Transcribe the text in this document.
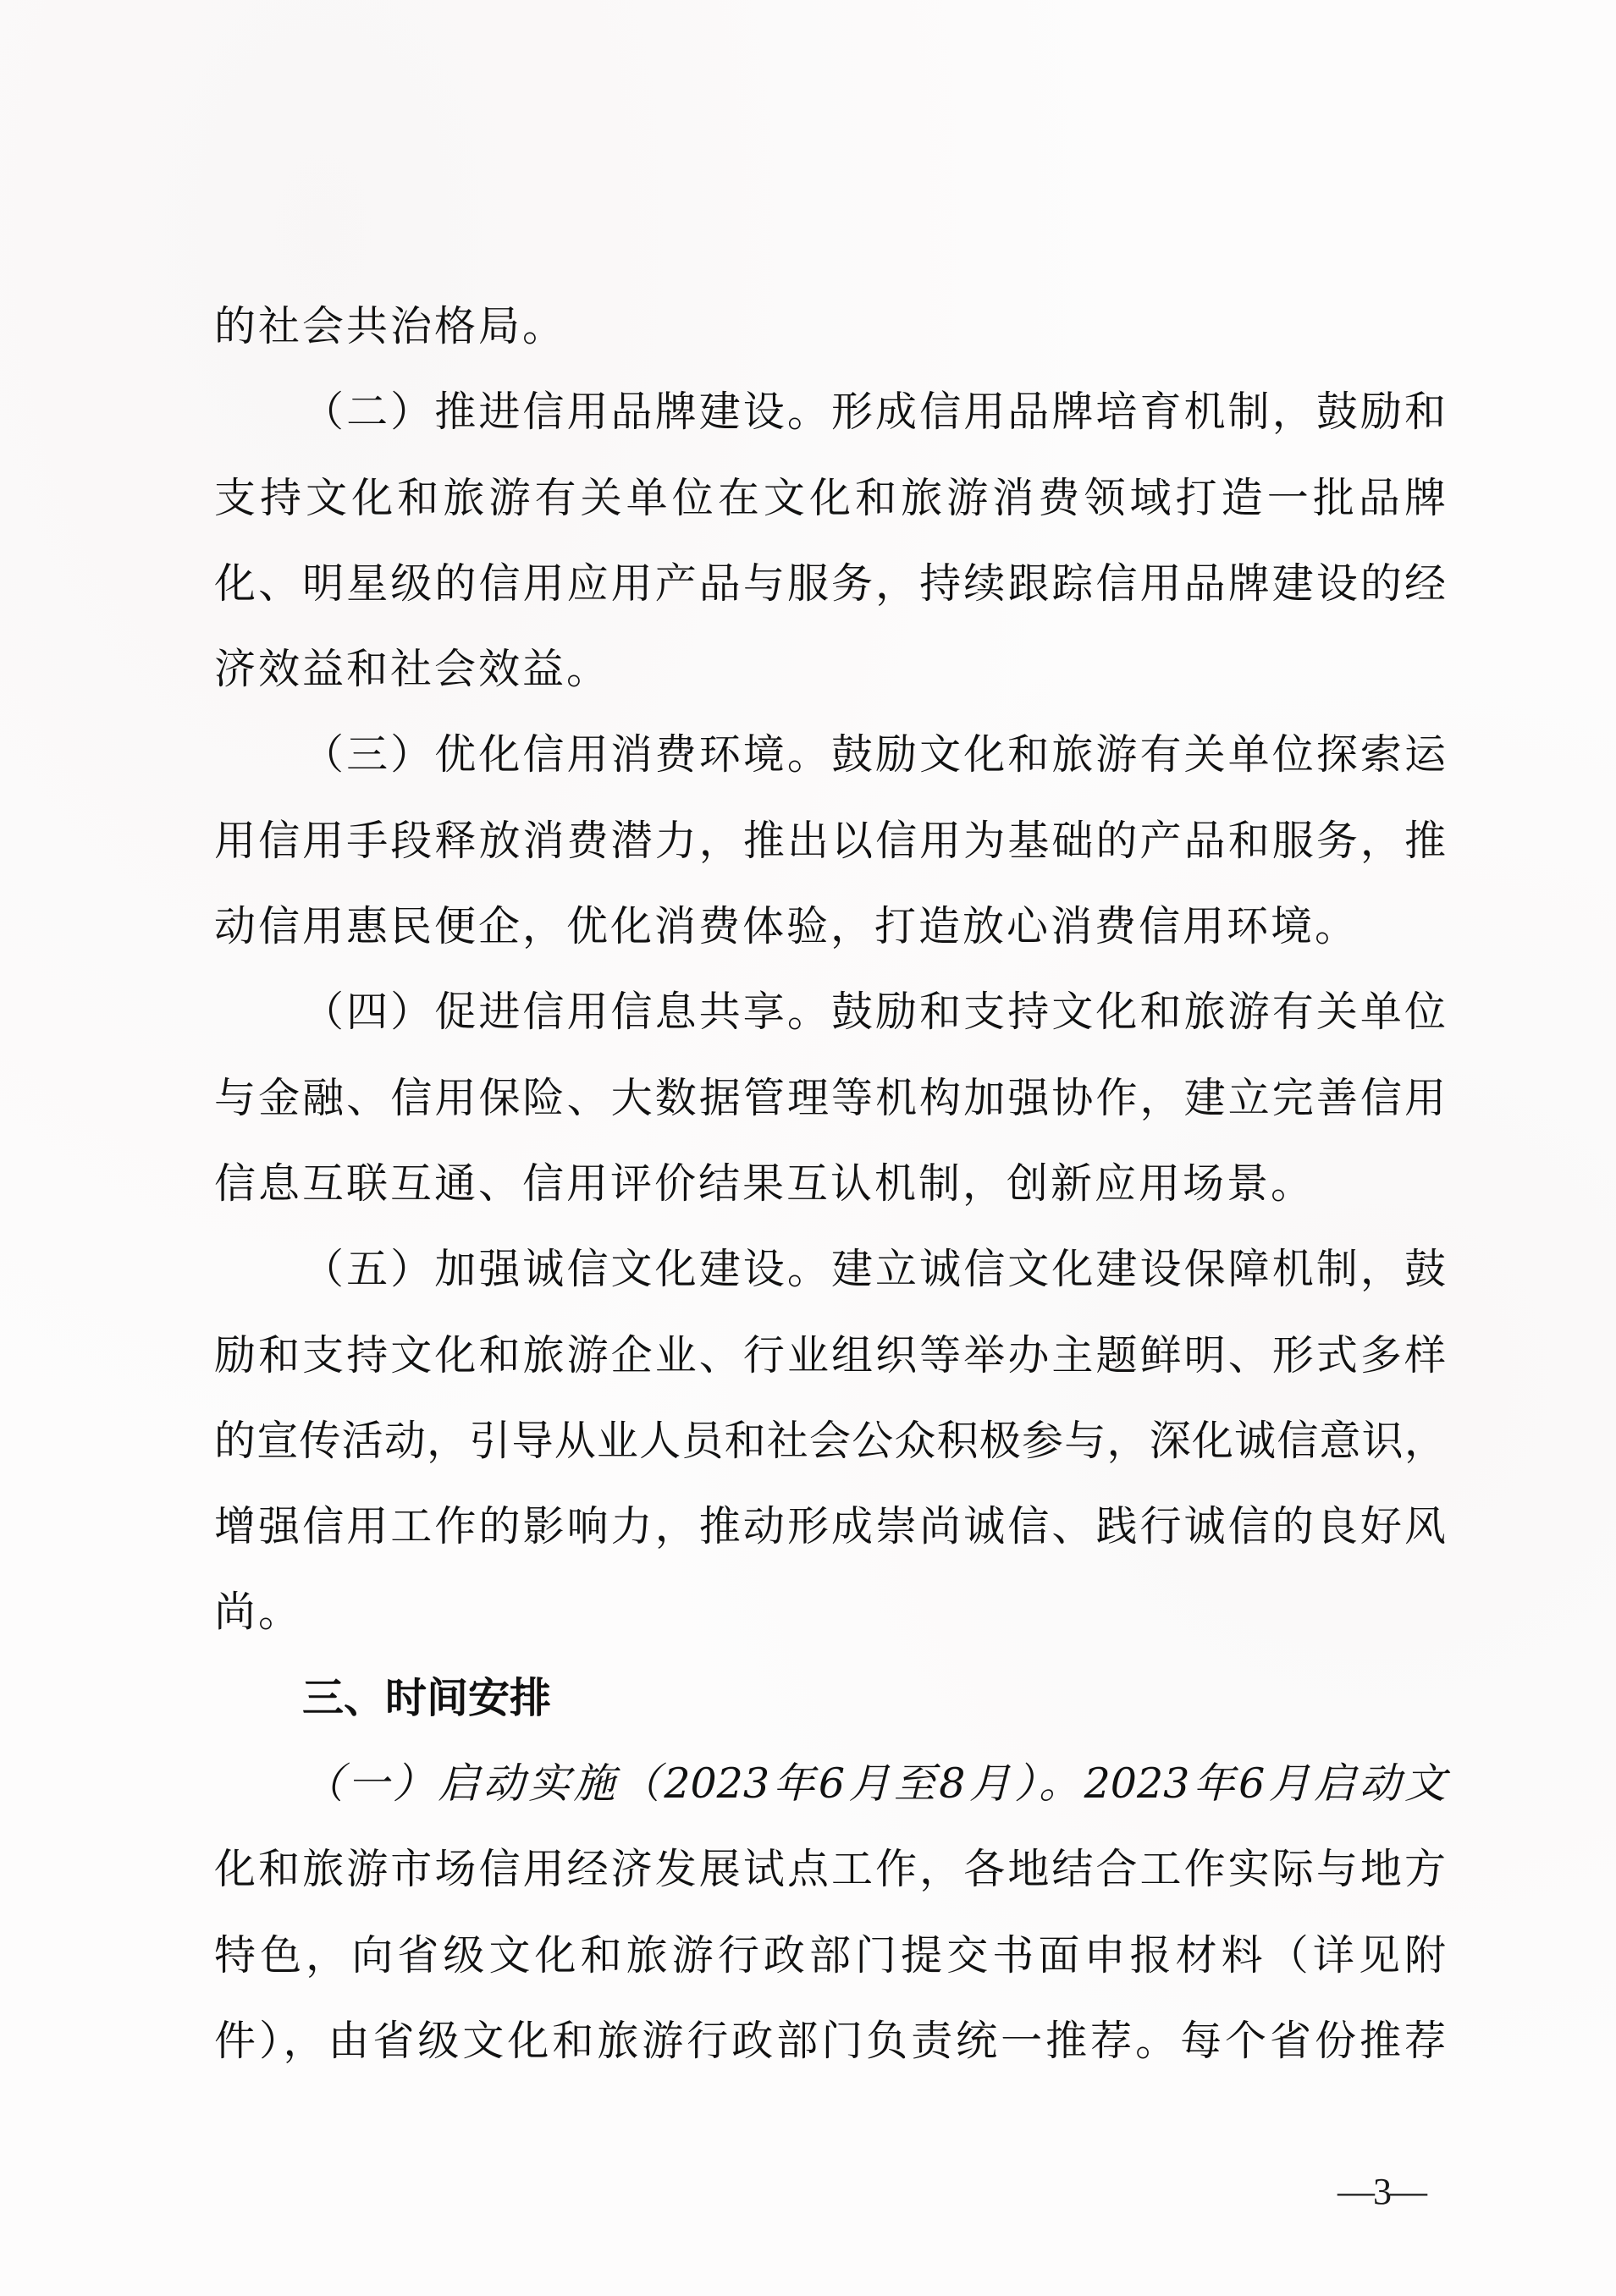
的社会共治格局。
（二）推进信用品牌建设。形成信用品牌培育机制，鼓励和
支持文化和旅游有关单位在文化和旅游消费领域打造一批品牌
化、明星级的信用应用产品与服务，持续跟踪信用品牌建设的经
济效益和社会效益。
（三）优化信用消费环境。鼓励文化和旅游有关单位探索运
用信用手段释放消费潜力，推出以信用为基础的产品和服务，推
动信用惠民便企，优化消费体验，打造放心消费信用环境。
（四）促进信用信息共享。鼓励和支持文化和旅游有关单位
与金融、信用保险、大数据管理等机构加强协作，建立完善信用
信息互联互通、信用评价结果互认机制，创新应用场景。
（五）加强诚信文化建设。建立诚信文化建设保障机制，鼓
励和支持文化和旅游企业、行业组织等举办主题鲜明、形式多样
的宣传活动，引导从业人员和社会公众积极参与，深化诚信意识，
增强信用工作的影响力，推动形成崇尚诚信、践行诚信的良好风
尚。
三、时间安排
（一）启动实施（2023年6月至8月）。2023年6月启动文
化和旅游市场信用经济发展试点工作，各地结合工作实际与地方
特色，向省级文化和旅游行政部门提交书面申报材料（详见附
件），由省级文化和旅游行政部门负责统一推荐。每个省份推荐
—3—
